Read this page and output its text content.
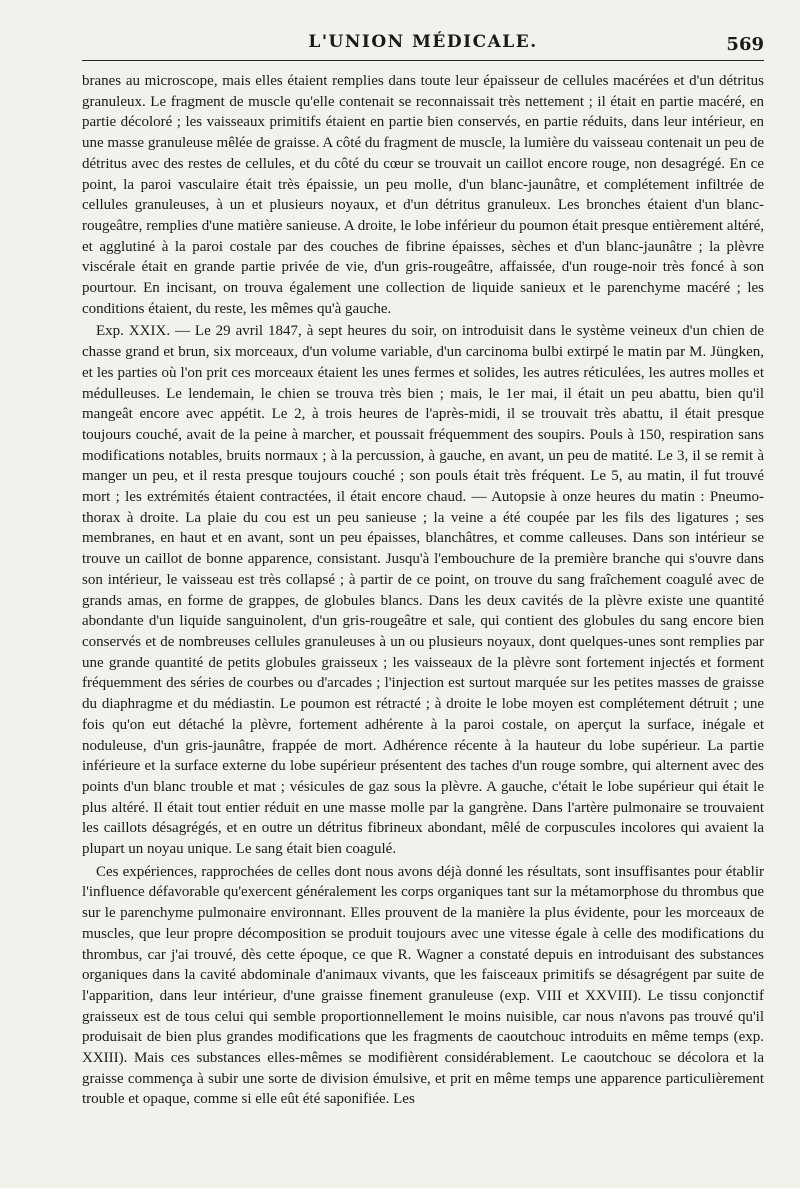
L'UNION MÉDICALE.	569

branes au microscope, mais elles étaient remplies dans toute leur épaisseur de cellules macérées et d'un détritus granuleux. Le fragment de muscle qu'elle contenait se reconnaissait très nettement ; il était en partie macéré, en partie décoloré ; les vaisseaux primitifs étaient en partie bien conservés, en partie réduits, dans leur intérieur, en une masse granuleuse mêlée de graisse. A côté du fragment de muscle, la lumière du vaisseau contenait un peu de détritus avec des restes de cellules, et du côté du cœur se trouvait un caillot encore rouge, non desagrégé. En ce point, la paroi vasculaire était très épaissie, un peu molle, d'un blanc-jaunâtre, et complétement infiltrée de cellules granuleuses, à un et plusieurs noyaux, et d'un détritus granuleux. Les bronches étaient d'un blanc-rougeâtre, remplies d'une matière sanieuse. A droite, le lobe inférieur du poumon était presque entièrement altéré, et agglutiné à la paroi costale par des couches de fibrine épaisses, sèches et d'un blanc-jaunâtre ; la plèvre viscérale était en grande partie privée de vie, d'un gris-rougeâtre, affaissée, d'un rouge-noir très foncé à son pourtour. En incisant, on trouva également une collection de liquide sanieux et le parenchyme macéré ; les conditions étaient, du reste, les mêmes qu'à gauche.

Exp. XXIX. — Le 29 avril 1847, à sept heures du soir, on introduisit dans le système veineux d'un chien de chasse grand et brun, six morceaux, d'un volume variable, d'un carcinoma bulbi extirpé le matin par M. Jüngken, et les parties où l'on prit ces morceaux étaient les unes fermes et solides, les autres réticulées, les autres molles et médulleuses. Le lendemain, le chien se trouva très bien ; mais, le 1er mai, il était un peu abattu, bien qu'il mangeât encore avec appétit. Le 2, à trois heures de l'après-midi, il se trouvait très abattu, il était presque toujours couché, avait de la peine à marcher, et poussait fréquemment des soupirs. Pouls à 150, respiration sans modifications notables, bruits normaux ; à la percussion, à gauche, en avant, un peu de matité. Le 3, il se remit à manger un peu, et il resta presque toujours couché ; son pouls était très fréquent. Le 5, au matin, il fut trouvé mort ; les extrémités étaient contractées, il était encore chaud. — Autopsie à onze heures du matin : Pneumo-thorax à droite. La plaie du cou est un peu sanieuse ; la veine a été coupée par les fils des ligatures ; ses membranes, en haut et en avant, sont un peu épaisses, blanchâtres, et comme calleuses. Dans son intérieur se trouve un caillot de bonne apparence, consistant. Jusqu'à l'embouchure de la première branche qui s'ouvre dans son intérieur, le vaisseau est très collapsé ; à partir de ce point, on trouve du sang fraîchement coagulé avec de grands amas, en forme de grappes, de globules blancs. Dans les deux cavités de la plèvre existe une quantité abondante d'un liquide sanguinolent, d'un gris-rougeâtre et sale, qui contient des globules du sang encore bien conservés et de nombreuses cellules granuleuses à un ou plusieurs noyaux, dont quelques-unes sont remplies par une grande quantité de petits globules graisseux ; les vaisseaux de la plèvre sont fortement injectés et forment fréquemment des séries de courbes ou d'arcades ; l'injection est surtout marquée sur les petites masses de graisse du diaphragme et du médiastin. Le poumon est rétracté ; à droite le lobe moyen est complétement détruit ; une fois qu'on eut détaché la plèvre, fortement adhérente à la paroi costale, on aperçut la surface, inégale et noduleuse, d'un gris-jaunâtre, frappée de mort. Adhérence récente à la hauteur du lobe supérieur. La partie inférieure et la surface externe du lobe supérieur présentent des taches d'un rouge sombre, qui alternent avec des points d'un blanc trouble et mat ; vésicules de gaz sous la plèvre. A gauche, c'était le lobe supérieur qui était le plus altéré. Il était tout entier réduit en une masse molle par la gangrène. Dans l'artère pulmonaire se trouvaient les caillots désagrégés, et en outre un détritus fibrineux abondant, mêlé de corpuscules incolores qui avaient la plupart un noyau unique. Le sang était bien coagulé.

Ces expériences, rapprochées de celles dont nous avons déjà donné les résultats, sont insuffisantes pour établir l'influence défavorable qu'exercent généralement les corps organiques tant sur la métamorphose du thrombus que sur le parenchyme pulmonaire environnant. Elles prouvent de la manière la plus évidente, pour les morceaux de muscles, que leur propre décomposition se produit toujours avec une vitesse égale à celle des modifications du thrombus, car j'ai trouvé, dès cette époque, ce que R. Wagner a constaté depuis en introduisant des substances organiques dans la cavité abdominale d'animaux vivants, que les faisceaux primitifs se désagrégent par suite de l'apparition, dans leur intérieur, d'une graisse finement granuleuse (exp. VIII et XXVIII). Le tissu conjonctif graisseux est de tous celui qui semble proportionnellement le moins nuisible, car nous n'avons pas trouvé qu'il produisait de bien plus grandes modifications que les fragments de caoutchouc introduits en même temps (exp. XXIII). Mais ces substances elles-mêmes se modifièrent considérablement. Le caoutchouc se décolora et la graisse commença à subir une sorte de division émulsive, et prit en même temps une apparence particulièrement trouble et opaque, comme si elle eût été saponifiée. Les
